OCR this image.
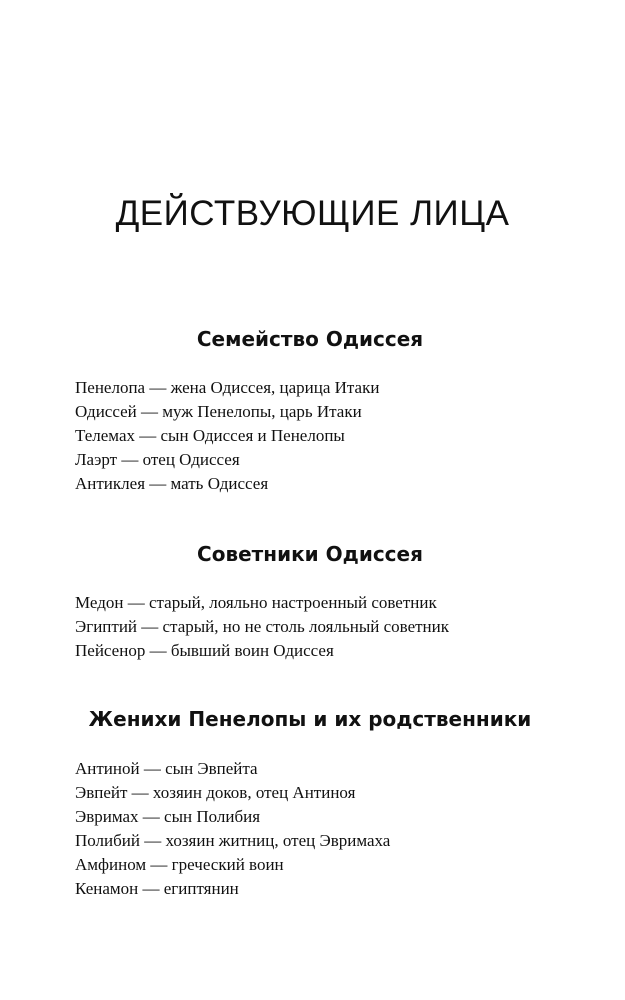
ДЕЙСТВУЮЩИЕ ЛИЦА
Семейство Одиссея
Пенелопа — жена Одиссея, царица Итаки
Одиссей — муж Пенелопы, царь Итаки
Телемах — сын Одиссея и Пенелопы
Лаэрт — отец Одиссея
Антиклея — мать Одиссея
Советники Одиссея
Медон — старый, лояльно настроенный советник
Эгиптий — старый, но не столь лояльный советник
Пейсенор — бывший воин Одиссея
Женихи Пенелопы и их родственники
Антиной — сын Эвпейта
Эвпейт — хозяин доков, отец Антиноя
Эвримах — сын Полибия
Полибий — хозяин житниц, отец Эвримаха
Амфином — греческий воин
Кенамон — египтянин
